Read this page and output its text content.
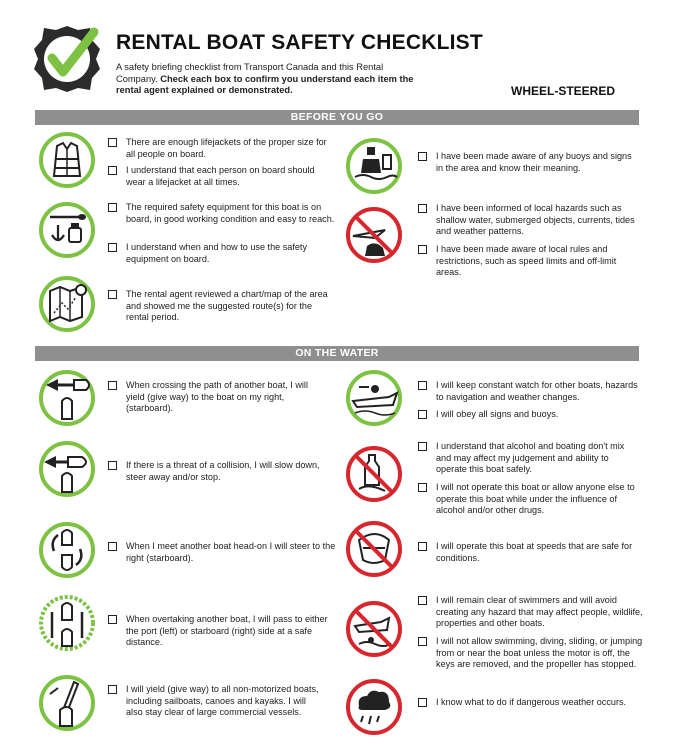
RENTAL BOAT SAFETY CHECKLIST
A safety briefing checklist from Transport Canada and this Rental Company. Check each box to confirm you understand each item the rental agent explained or demonstrated.	WHEEL-STEERED
BEFORE YOU GO
ON THE WATER
There are enough lifejackets of the proper size for all people on board.
I understand that each person on board should wear a lifejacket at all times.
The required safety equipment for this boat is on board, in good working condition and easy to reach.
I understand when and how to use the safety equipment on board.
The rental agent reviewed a chart/map of the area and showed me the suggested route(s) for the rental period.
When crossing the path of another boat, I will yield (give way) to the boat on my right, (starboard).
If there is a threat of a collision, I will slow down, steer away and/or stop.
When I meet another boat head-on I will steer to the right (starboard).
When overtaking another boat, I will pass to either the port (left) or starboard (right) side at a safe distance.
I will yield (give way) to all non-motorized boats, including sailboats, canoes and kayaks. I will also stay clear of large commercial vessels.
I have been made aware of any buoys and signs in the area and know their meaning.
I have been informed of local hazards such as shallow water, submerged objects, currents, tides and weather patterns.
I have been made aware of local rules and restrictions, such as speed limits and off-limit areas.
I will keep constant watch for other boats, hazards to navigation and weather changes.
I will obey all signs and buoys.
I understand that alcohol and boating don't mix and may affect my judgement and ability to operate this boat safely.
I will not operate this boat or allow anyone else to operate this boat while under the influence of alcohol and/or other drugs.
I will operate this boat at speeds that are safe for conditions.
I will remain clear of swimmers and will avoid creating any hazard that may affect people, wildlife, properties and other boats.
I will not allow swimming, diving, sliding, or jumping from or near the boat unless the motor is off, the keys are removed, and the propeller has stopped.
I know what to do if dangerous weather occurs.
